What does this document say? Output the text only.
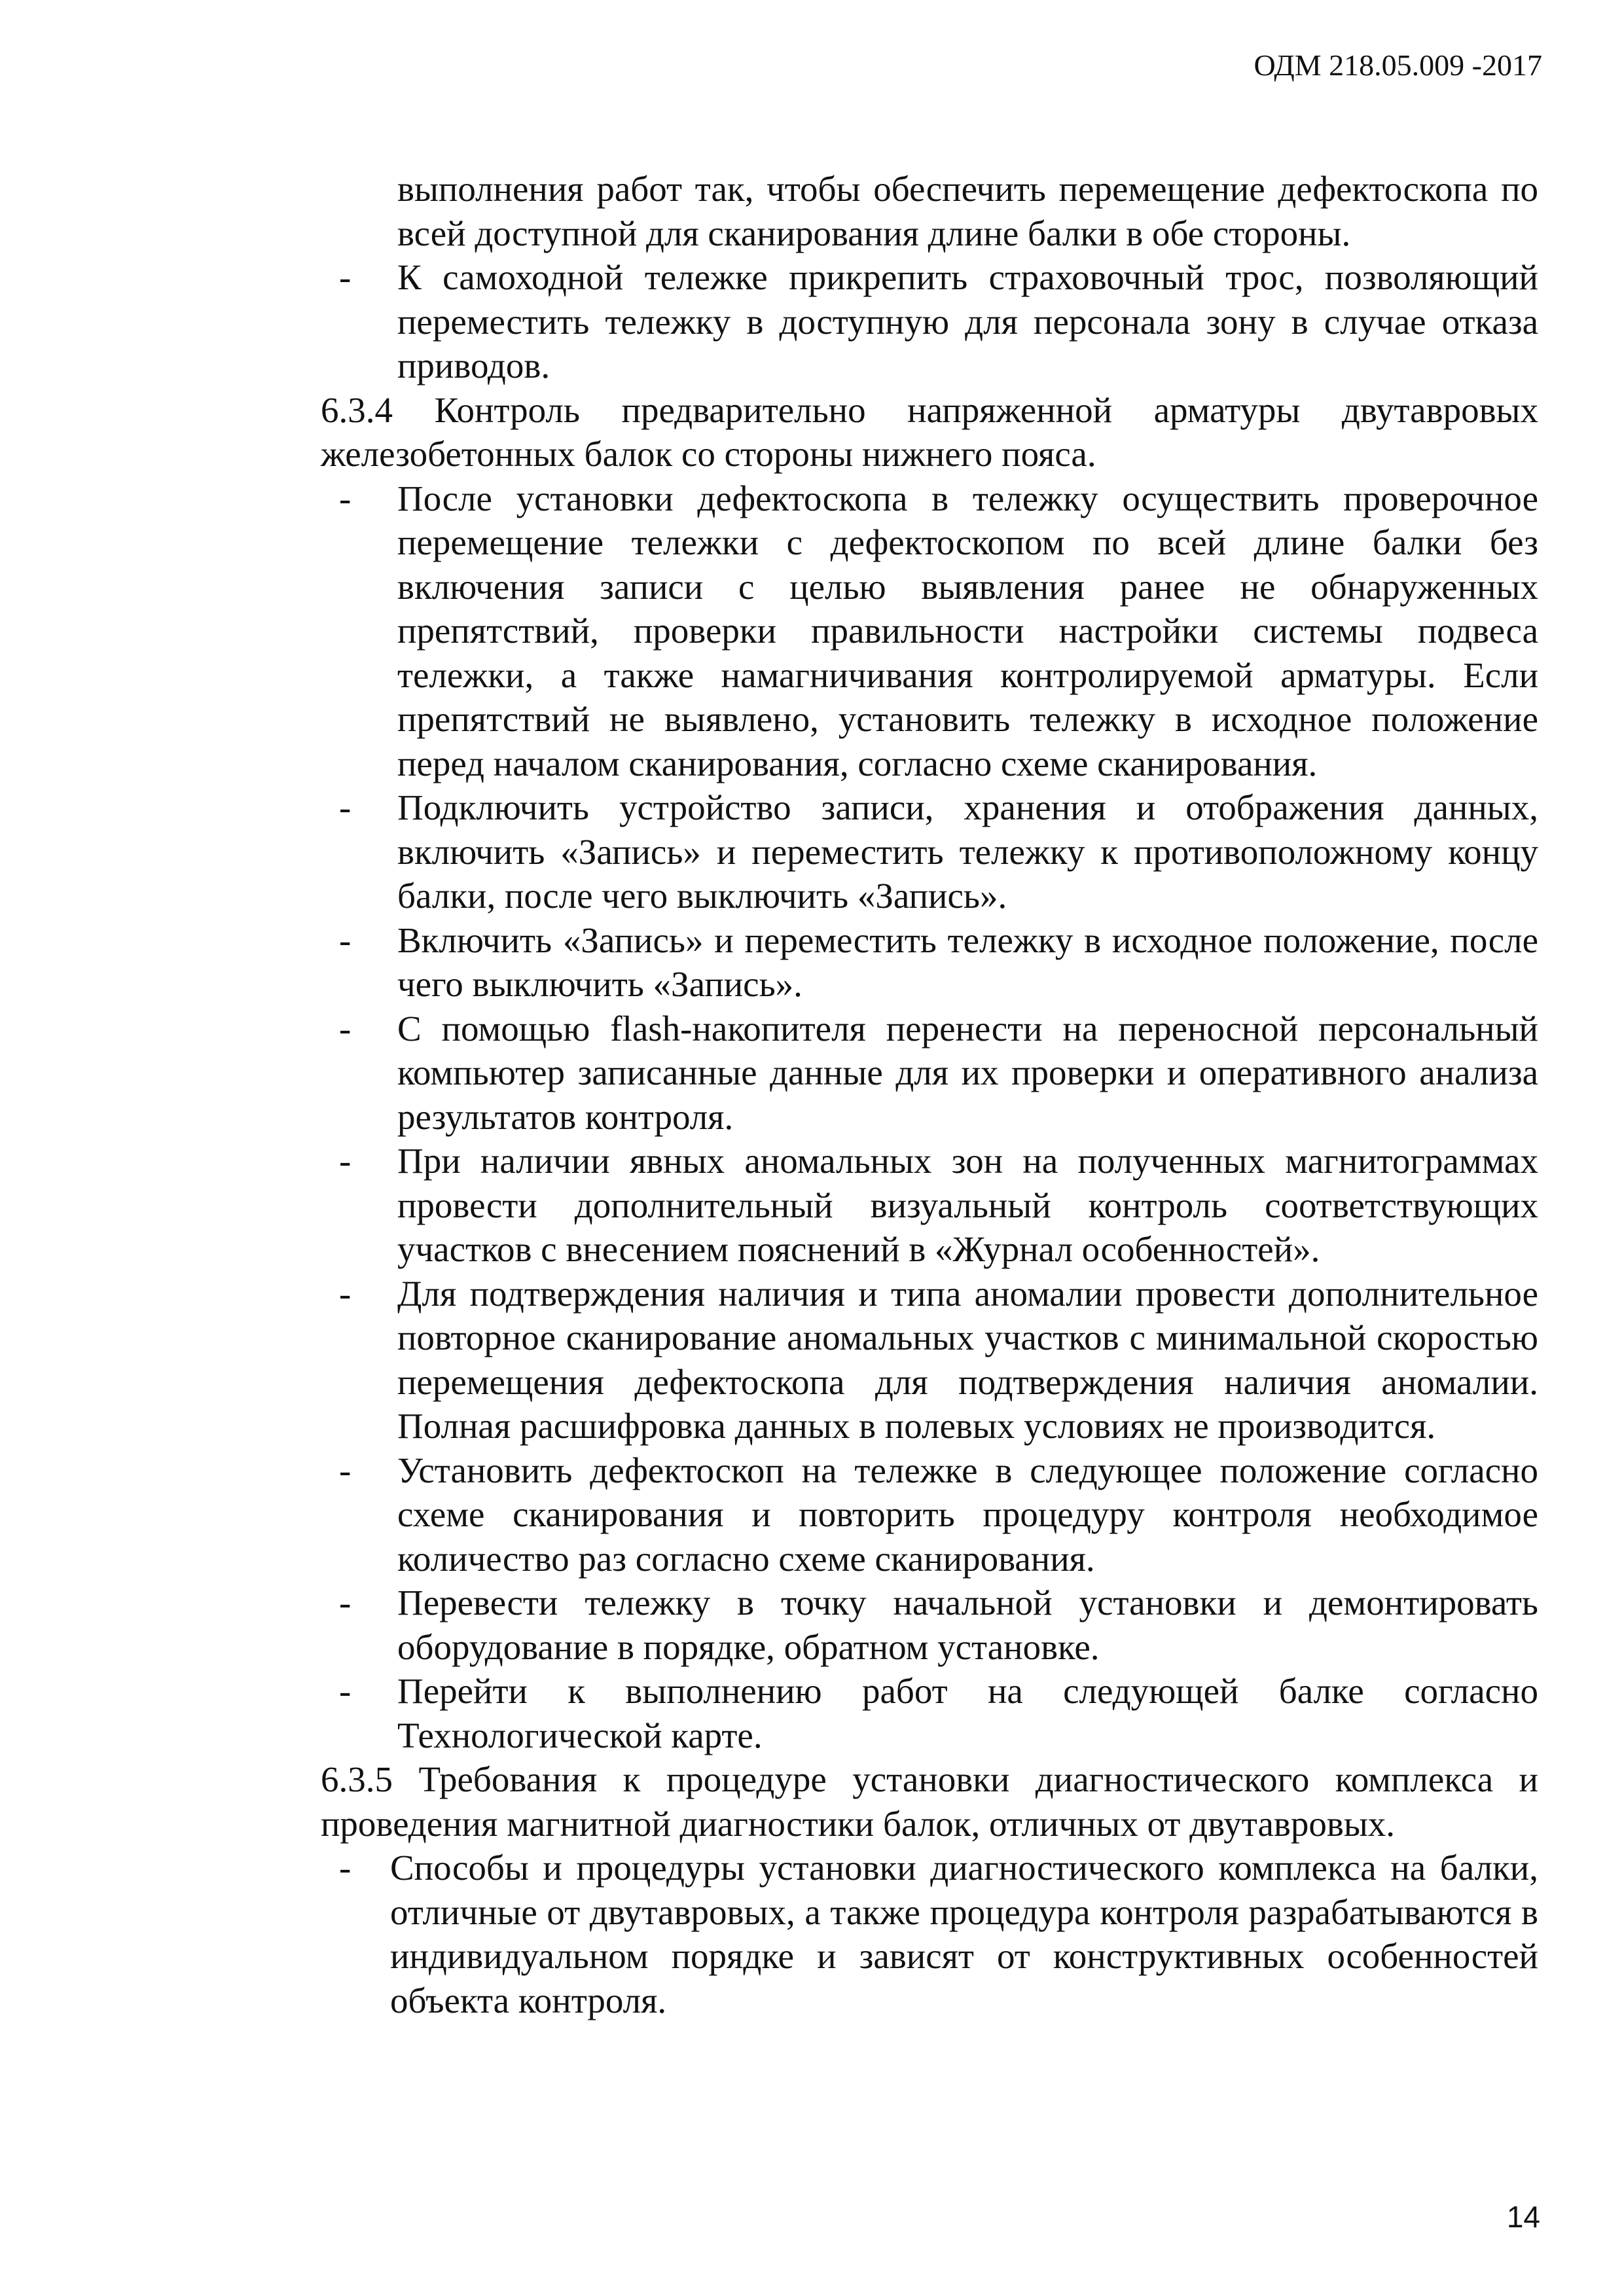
ОДМ 218.05.009 -2017

выполнения работ так, чтобы обеспечить перемещение дефектоскопа по всей доступной для сканирования длине балки в обе стороны.

- К самоходной тележке прикрепить страховочный трос, позволяющий переместить тележку в доступную для персонала зону в случае отказа приводов.

6.3.4 Контроль предварительно напряженной арматуры двутавровых железобетонных балок со стороны нижнего пояса.

- После установки дефектоскопа в тележку осуществить проверочное перемещение тележки с дефектоскопом по всей длине балки без включения записи с целью выявления ранее не обнаруженных препятствий, проверки правильности настройки системы подвеса тележки, а также намагничивания контролируемой арматуры. Если препятствий не выявлено, установить тележку в исходное положение перед началом сканирования, согласно схеме сканирования.
- Подключить устройство записи, хранения и отображения данных, включить «Запись» и переместить тележку к противоположному концу балки, после чего выключить «Запись».
- Включить «Запись» и переместить тележку в исходное положение, после чего выключить «Запись».
- С помощью flash-накопителя перенести на переносной персональный компьютер записанные данные для их проверки и оперативного анализа результатов контроля.
- При наличии явных аномальных зон на полученных магнитограммах провести дополнительный визуальный контроль соответствующих участков с внесением пояснений в «Журнал особенностей».
- Для подтверждения наличия и типа аномалии провести дополнительное повторное сканирование аномальных участков с минимальной скоростью перемещения дефектоскопа для подтверждения наличия аномалии. Полная расшифровка данных в полевых условиях не производится.
- Установить дефектоскоп на тележке в следующее положение согласно схеме сканирования и повторить процедуру контроля необходимое количество раз согласно схеме сканирования.
- Перевести тележку в точку начальной установки и демонтировать оборудование в порядке, обратном установке.
- Перейти к выполнению работ на следующей балке согласно Технологической карте.

6.3.5 Требования к процедуре установки диагностического комплекса и проведения магнитной диагностики балок, отличных от двутавровых.

- Способы и процедуры установки диагностического комплекса на балки, отличные от двутавровых, а также процедура контроля разрабатываются в индивидуальном порядке и зависят от конструктивных особенностей объекта контроля.
14
